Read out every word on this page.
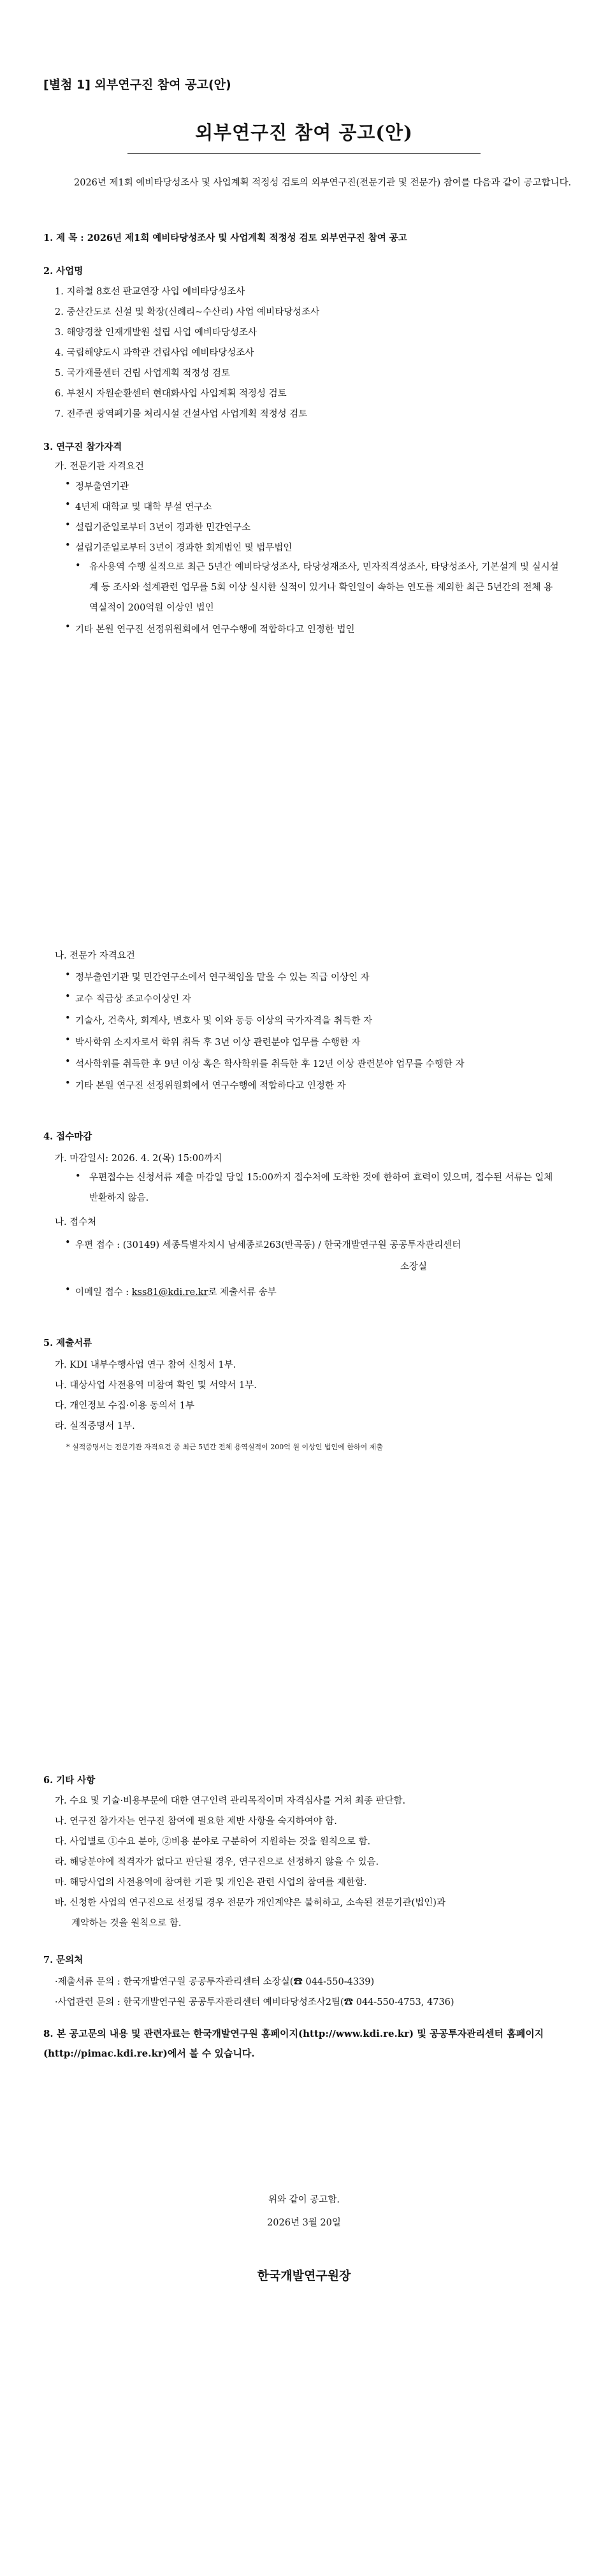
[별첨 1] 외부연구진 참여 공고(안)
외부연구진 참여 공고(안)
2026년 제1회 예비타당성조사 및 사업계획 적정성 검토의 외부연구진(전문기관 및 전문가) 참여를 다음과 같이 공고합니다.
1. 제 목 : 2026년 제1회 예비타당성조사 및 사업계획 적정성 검토 외부연구진 참여 공고
2. 사업명
1. 지하철 8호선 판교연장 사업 예비타당성조사
2. 중산간도로 신설 및 확장(신례리~수산리) 사업 예비타당성조사
3. 해양경찰 인재개발원 설립 사업 예비타당성조사
4. 국립해양도시 과학관 건립사업 예비타당성조사
5. 국가재물센터 건립 사업계획 적정성 검토
6. 부천시 자원순환센터 현대화사업 사업계획 적정성 검토
7. 전주권 광역폐기물 처리시설 건설사업 사업계획 적정성 검토
3. 연구진 참가자격
가. 전문기관 자격요건
• 정부출연기관
• 4년제 대학교 및 대학 부설 연구소
• 설립기준일로부터 3년이 경과한 민간연구소
• 설립기준일로부터 3년이 경과한 회계법인 및 법무법인
유사용역 수행 실적으로 최근 5년간 예비타당성조사, 타당성재조사, 민자적격성조사, 타당성조사, 기본설계 및 실시설계 등 조사와 설계관련 업무를 5회 이상 실시한 실적이 있거나 확인일이 속하는 연도를 제외한 최근 5년간의 전체 용역실적이 200억원 이상인 법인
•
• 기타 본원 연구진 선정위원회에서 연구수행에 적합하다고 인정한 법인
나. 전문가 자격요건
• 정부출연기관 및 민간연구소에서 연구책임을 맡을 수 있는 직급 이상인 자
• 교수 직급상 조교수이상인 자
• 기술사, 건축사, 회계사, 변호사 및 이와 동등 이상의 국가자격을 취득한 자
• 박사학위 소지자로서 학위 취득 후 3년 이상 관련분야 업무를 수행한 자
• 석사학위를 취득한 후 9년 이상 혹은 학사학위를 취득한 후 12년 이상 관련분야 업무를 수행한 자
• 기타 본원 연구진 선정위원회에서 연구수행에 적합하다고 인정한 자
4. 접수마감
가. 마감일시: 2026. 4. 2(목) 15:00까지
우편접수는 신청서류 제출 마감일 당일 15:00까지 접수처에 도착한 것에 한하여 효력이 있으며, 접수된 서류는 일체 반환하지 않음.
•
나. 접수처
• 우편 접수 : (30149) 세종특별자치시 남세종로263(반곡동) / 한국개발연구원 공공투자관리센터
소장실
• 이메일 접수 : kss81@kdi.re.kr로 제출서류 송부
5. 제출서류
가. KDI 내부수행사업 연구 참여 신청서 1부.
나. 대상사업 사전용역 미참여 확인 및 서약서 1부.
다. 개인정보 수집·이용 동의서 1부
라. 실적증명서 1부.
* 실적증명서는 전문기관 자격요건 중 최근 5년간 전체 용역실적이 200억 원 이상인 법인에 한하여 제출
6. 기타 사항
가. 수요 및 기술·비용부문에 대한 연구인력 관리목적이며 자격심사를 거쳐 최종 판단함.
나. 연구진 참가자는 연구진 참여에 필요한 제반 사항을 숙지하여야 함.
다. 사업별로 ①수요 분야, ②비용 분야로 구분하여 지원하는 것을 원칙으로 함.
라. 해당분야에 적격자가 없다고 판단될 경우, 연구진으로 선정하지 않을 수 있음.
마. 해당사업의 사전용역에 참여한 기관 및 개인은 관련 사업의 참여를 제한함.
바. 신청한 사업의 연구진으로 선정될 경우 전문가 개인계약은 불허하고, 소속된 전문기관(법인)과
계약하는 것을 원칙으로 함.
7. 문의처
·제출서류 문의 : 한국개발연구원 공공투자관리센터 소장실(☎ 044-550-4339)
·사업관련 문의 : 한국개발연구원 공공투자관리센터 예비타당성조사2팀(☎ 044-550-4753, 4736)
8. 본 공고문의 내용 및 관련자료는 한국개발연구원 홈페이지(http://www.kdi.re.kr) 및 공공투자관리센터 홈페이지(http://pimac.kdi.re.kr)에서 볼 수 있습니다.
위와 같이 공고함.
2026년 3월 20일
한국개발연구원장
